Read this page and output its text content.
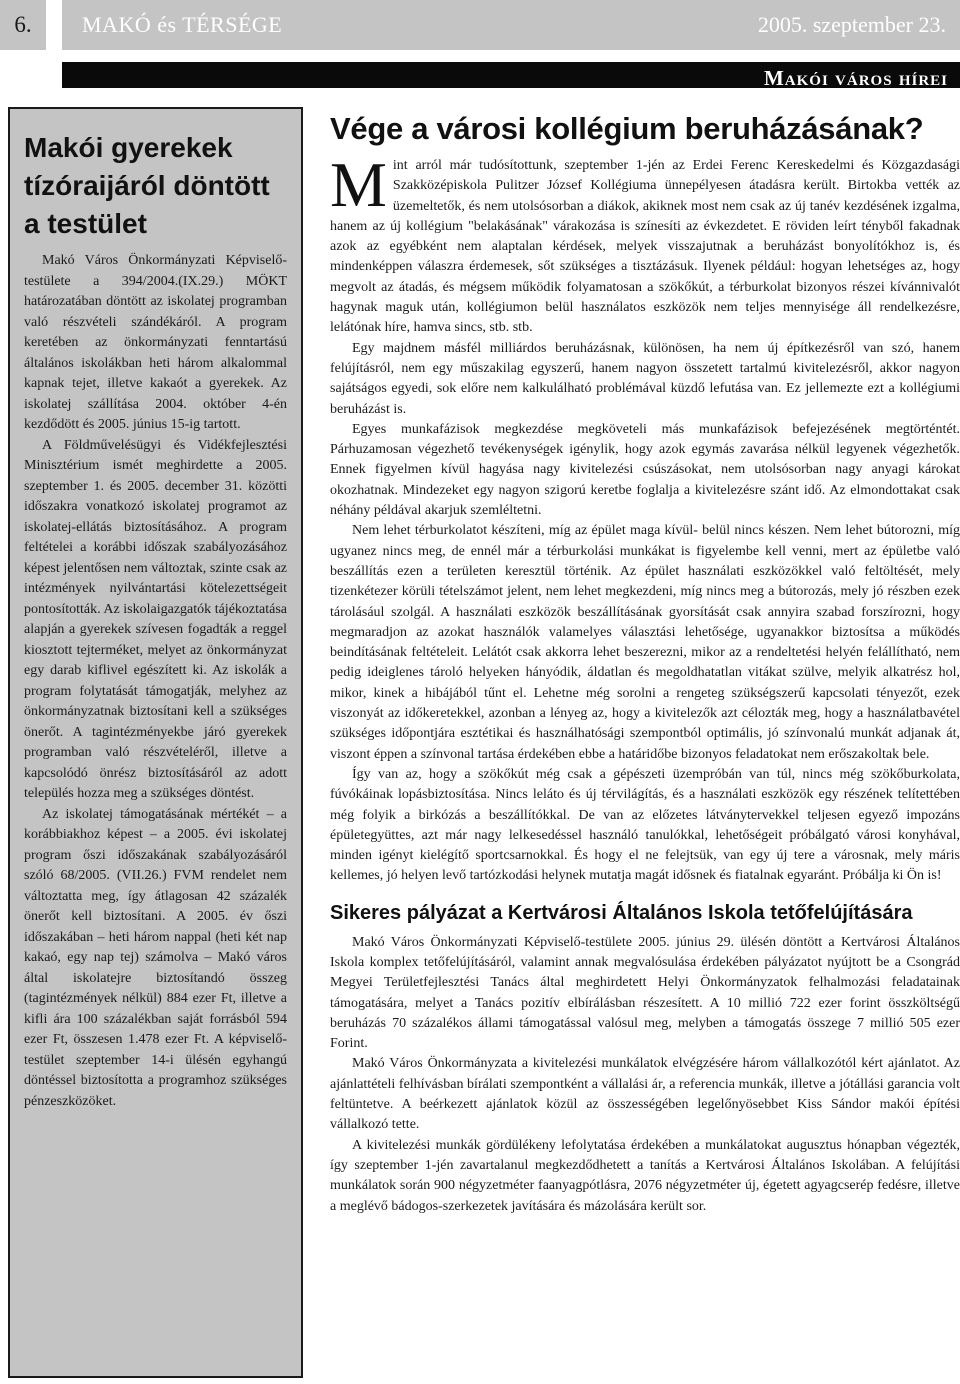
6.	MAKÓ és TÉRSÉGE	2005. szeptember 23.
Makói város hírei
Makói gyerekek tízóraijáról döntött a testület

Makó Város Önkormányzati Képviselő-testülete a 394/2004.(IX.29.) MÖKT határozatában döntött az iskolatej programban való részvételi szándékáról. A program keretében az önkormányzati fenntartású általános iskolákban heti három alkalommal kapnak tejet, illetve kakaót a gyerekek. Az iskolatej szállítása 2004. október 4-én kezdődött és 2005. június 15-ig tartott.

A Földművelésügyi és Vidékfejlesztési Minisztérium ismét meghirdette a 2005. szeptember 1. és 2005. december 31. közötti időszakra vonatkozó iskolatej programot az iskolatej-ellátás biztosításához. A program feltételei a korábbi időszak szabályozásához képest jelentősen nem változtak, szinte csak az intézmények nyilvántartási kötelezettségeit pontosították. Az iskolaigazgatók tájékoztatása alapján a gyerekek szívesen fogadták a reggel kiosztott tejterméket, melyet az önkormányzat egy darab kiflivel egészített ki. Az iskolák a program folytatását támogatják, melyhez az önkormányzatnak biztosítani kell a szükséges önerőt. A tagintézményekbe járó gyerekek programban való részvételéről, illetve a kapcsolódó önrész biztosításáról az adott település hozza meg a szükséges döntést.

Az iskolatej támogatásának mértékét – a korábbiakhoz képest – a 2005. évi iskolatej program őszi időszakának szabályozásáról szóló 68/2005. (VII.26.) FVM rendelet nem változtatta meg, így átlagosan 42 százalék önerőt kell biztosítani. A 2005. év őszi időszakában – heti három nappal (heti két nap kakaó, egy nap tej) számolva – Makó város által iskolatejre biztosítandó összeg (tagintézmények nélkül) 884 ezer Ft, illetve a kifli ára 100 százalékban saját forrásból 594 ezer Ft, összesen 1.478 ezer Ft. A képviselő-testület szeptember 14-i ülésén egyhangú döntéssel biztosította a programhoz szükséges pénzeszközöket.

Vége a városi kollégium beruházásának?

Mint arról már tudósítottunk, szeptember 1-jén az Erdei Ferenc Kereskedelmi és Közgazdasági Szakközépiskola Pulitzer József Kollégiuma ünnepélyesen átadásra került. Birtokba vették az üzemeltetők, és nem utolsósorban a diákok, akiknek most nem csak az új tanév kezdésének izgalma, hanem az új kollégium "belakásának" várakozása is színesíti az évkezdetet. E röviden leírt tényből fakadnak azok az egyébként nem alaptalan kérdések, melyek visszajutnak a beruházást bonyolítókhoz is, és mindenképpen válaszra érdemesek, sőt szükséges a tisztázásuk. Ilyenek például: hogyan lehetséges az, hogy megvolt az átadás, és mégsem működik folyamatosan a szökőkút, a térburkolat bizonyos részei kívánnivalót hagynak maguk után, kollégiumon belül használatos eszközök nem teljes mennyisége áll rendelkezésre, lelátónak híre, hamva sincs, stb. stb.

Egy majdnem másfél milliárdos beruházásnak, különösen, ha nem új építkezésről van szó, hanem felújításról, nem egy műszakilag egyszerű, hanem nagyon összetett tartalmú kivitelezésről, akkor nagyon sajátságos egyedi, sok előre nem kalkulálható problémával küzdő lefutása van. Ez jellemezte ezt a kollégiumi beruházást is.

Egyes munkafázisok megkezdése megköveteli más munkafázisok befejezésének megtörténtét. Párhuzamosan végezhető tevékenységek igénylik, hogy azok egymás zavarása nélkül legyenek végezhetők. Ennek figyelmen kívül hagyása nagy kivitelezési csúszásokat, nem utolsósorban nagy anyagi károkat okozhatnak. Mindezeket egy nagyon szigorú keretbe foglalja a kivitelezésre szánt idő. Az elmondottakat csak néhány példával akarjuk szemléltetni.

Nem lehet térburkolatot készíteni, míg az épület maga kívül- belül nincs készen. Nem lehet bútorozni, míg ugyanez nincs meg, de ennél már a térburkolási munkákat is figyelembe kell venni, mert az épületbe való beszállítás ezen a területen keresztül történik. Az épület használati eszközökkel való feltöltését, mely tizenkétezer körüli tételszámot jelent, nem lehet megkezdeni, míg nincs meg a bútorozás, mely jó részben ezek tárolásául szolgál. A használati eszközök beszállításának gyorsítását csak annyira szabad forszírozni, hogy megmaradjon az azokat használók valamelyes választási lehetősége, ugyanakkor biztosítsa a működés beindításának feltételeit. Lelátót csak akkorra lehet beszerezni, mikor az a rendeltetési helyén felállítható, nem pedig ideiglenes tároló helyeken hányódik, áldatlan és megoldhatatlan vitákat szülve, melyik alkatrész hol, mikor, kinek a hibájából tűnt el. Lehetne még sorolni a rengeteg szükségszerű kapcsolati tényezőt, ezek viszonyát az időkeretekkel, azonban a lényeg az, hogy a kivitelezők azt célozták meg, hogy a használatbavétel szükséges időpontjára esztétikai és használhatósági szempontból optimális, jó színvonalú munkát adjanak át, viszont éppen a színvonal tartása érdekében ebbe a határidőbe bizonyos feladatokat nem erőszakoltak bele.

Így van az, hogy a szökőkút még csak a gépészeti üzempróbán van túl, nincs még szökőburkolata, fúvókáinak lopásbiztosítása. Nincs leláto és új térvilágítás, és a használati eszközök egy részének telítettében még folyik a birkózás a beszállítókkal. De van az előzetes látványtervekkel teljesen egyező impozáns épületegyüttes, azt már nagy lelkesedéssel használó tanulókkal, lehetőségeit próbálgató városi konyhával, minden igényt kielégítő sportcsarnokkal. És hogy el ne felejtsük, van egy új tere a városnak, mely máris kellemes, jó helyen levő tartózkodási helynek mutatja magát idősnek és fiatalnak egyaránt. Próbálja ki Ön is!

Sikeres pályázat a Kertvárosi Általános Iskola tetőfelújítására

Makó Város Önkormányzati Képviselő-testülete 2005. június 29. ülésén döntött a Kertvárosi Általános Iskola komplex tetőfelújításáról, valamint annak megvalósulása érdekében pályázatot nyújtott be a Csongrád Megyei Területfejlesztési Tanács által meghirdetett Helyi Önkormányzatok felhalmozási feladatainak támogatására, melyet a Tanács pozitív elbírálásban részesített. A 10 millió 722 ezer forint összköltségű beruházás 70 százalékos állami támogatással valósul meg, melyben a támogatás összege 7 millió 505 ezer Forint.

Makó Város Önkormányzata a kivitelezési munkálatok elvégzésére három vállalkozótól kért ajánlatot. Az ajánlattételi felhívásban bírálati szempontként a vállalási ár, a referencia munkák, illetve a jótállási garancia volt feltüntetve. A beérkezett ajánlatok közül az összességében legelőnyösebbet Kiss Sándor makói építési vállalkozó tette.

A kivitelezési munkák gördülékeny lefolytatása érdekében a munkálatokat augusztus hónapban végezték, így szeptember 1-jén zavartalanul megkezdődhetett a tanítás a Kertvárosi Általános Iskolában. A felújítási munkálatok során 900 négyzetméter faanyagpótlásra, 2076 négyzetméter új, égetett agyagcserép fedésre, illetve a meglévő bádogos-szerkezetek javítására és mázolására került sor.
